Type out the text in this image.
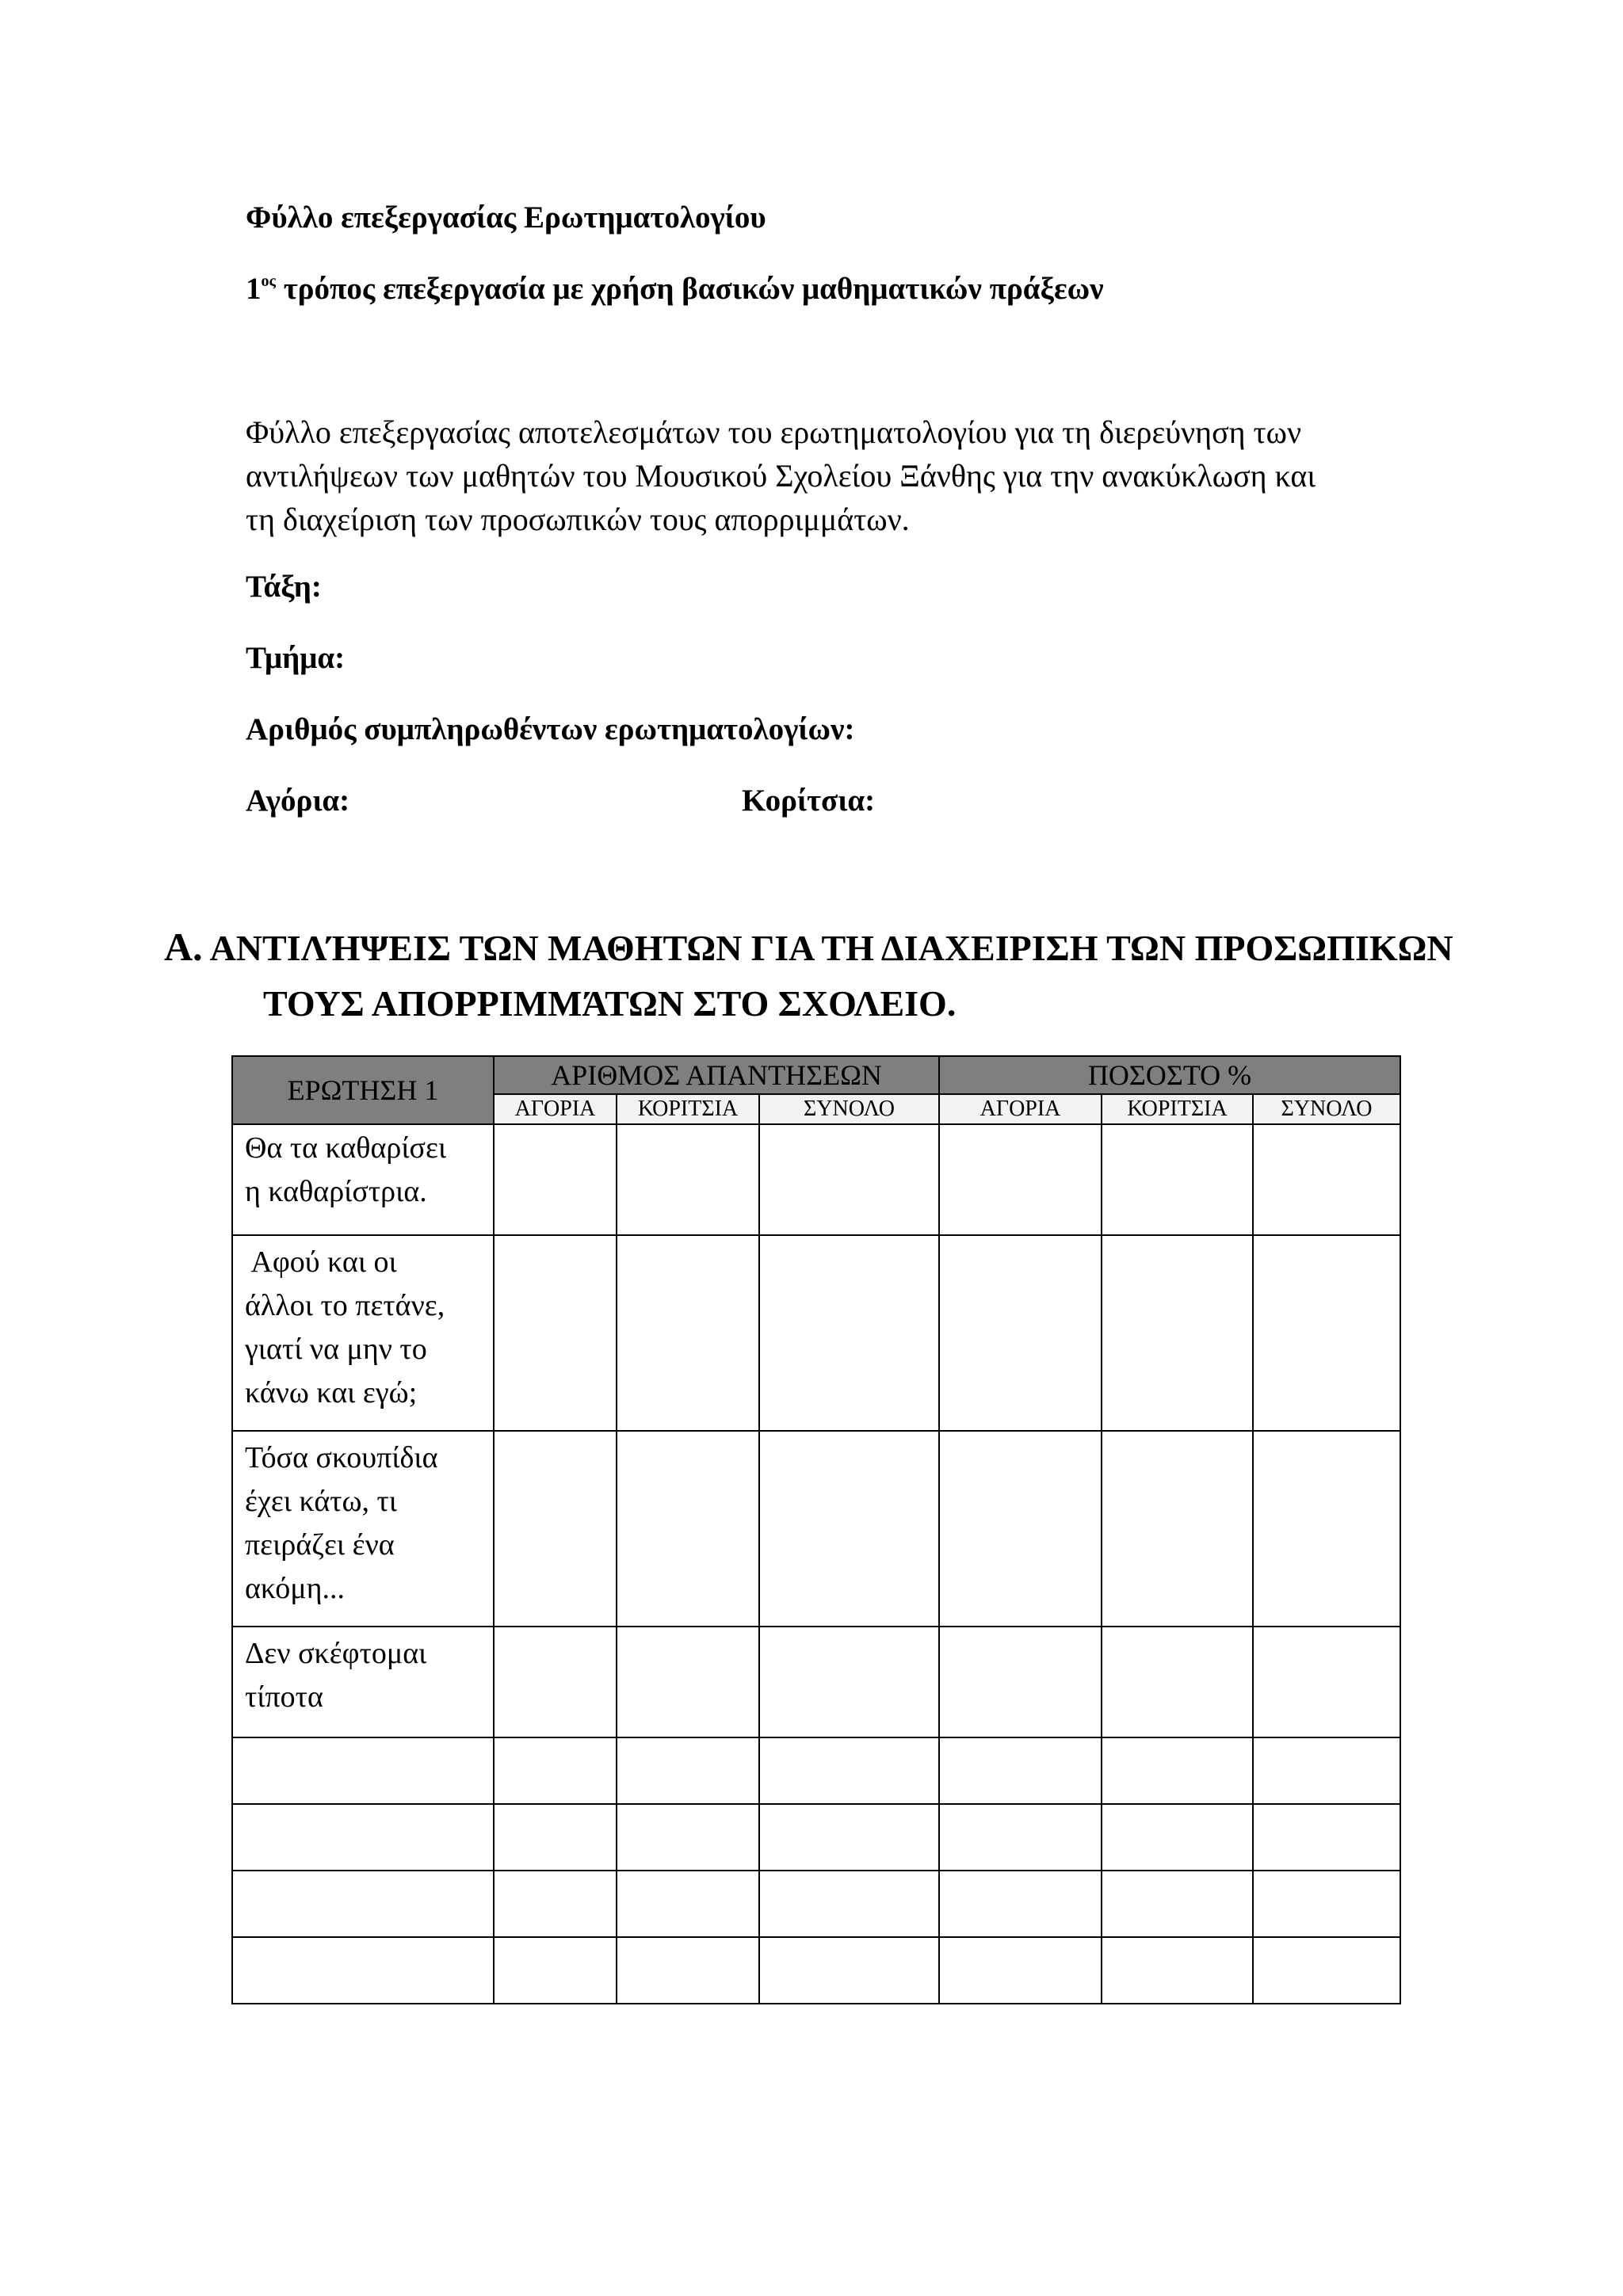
Φύλλο επεξεργασίας Ερωτηματολογίου
$1^{o\varsigma}$ τρόπος επεξεργασία με χρήση βασικών μαθηματικών πράξεων
Φύλλο επεξεργασίας αποτελεσμάτων του ερωτηματολογίου για τη διερεύνηση των
αντιλήψεων των μαθητών του Μουσικού Σχολείου Ξάνθης για την ανακύκλωση και
τη διαχείριση των προσωπικών τους απορριμμάτων.
Τάξη:
Τμήμα:
Αριθμός συμπληρωθέντων ερωτηματολογίων:
Αγόρια:	Κορίτσια:
Α. ΑΝΤΙΛΉΨΕΙΣ ΤΩΝ ΜΑΘΗΤΩΝ ΓΙΑ ΤΗ ΔΙΑΧΕΙΡΙΣΗ ΤΩΝ ΠΡΟΣΩΠΙΚΩΝ
ΤΟΥΣ ΑΠΟΡΡΙΜΜΆΤΩΝ ΣΤΟ ΣΧΟΛΕΙΟ.
ΕΡΩΤΗΣΗ 1	ΑΡΙΘΜΟΣ ΑΠΑΝΤΗΣΕΩΝ			ΠΟΣΟΣΤΟ %		
	ΑΓΟΡΙΑ	ΚΟΡΙΤΣΙΑ	ΣΥΝΟΛΟ	ΑΓΟΡΙΑ	ΚΟΡΙΤΣΙΑ	ΣΥΝΟΛΟ

Θα τα καθαρίσει
η καθαρίστρια.						

Αφού και οι
άλλοι το πετάνε,
γιατί να μην το
κάνω και εγώ;						

Τόσα σκουπίδια
έχει κάτω, τι
πειράζει ένα
ακόμη...						

Δεν σκέφτομαι
τίποτα						
